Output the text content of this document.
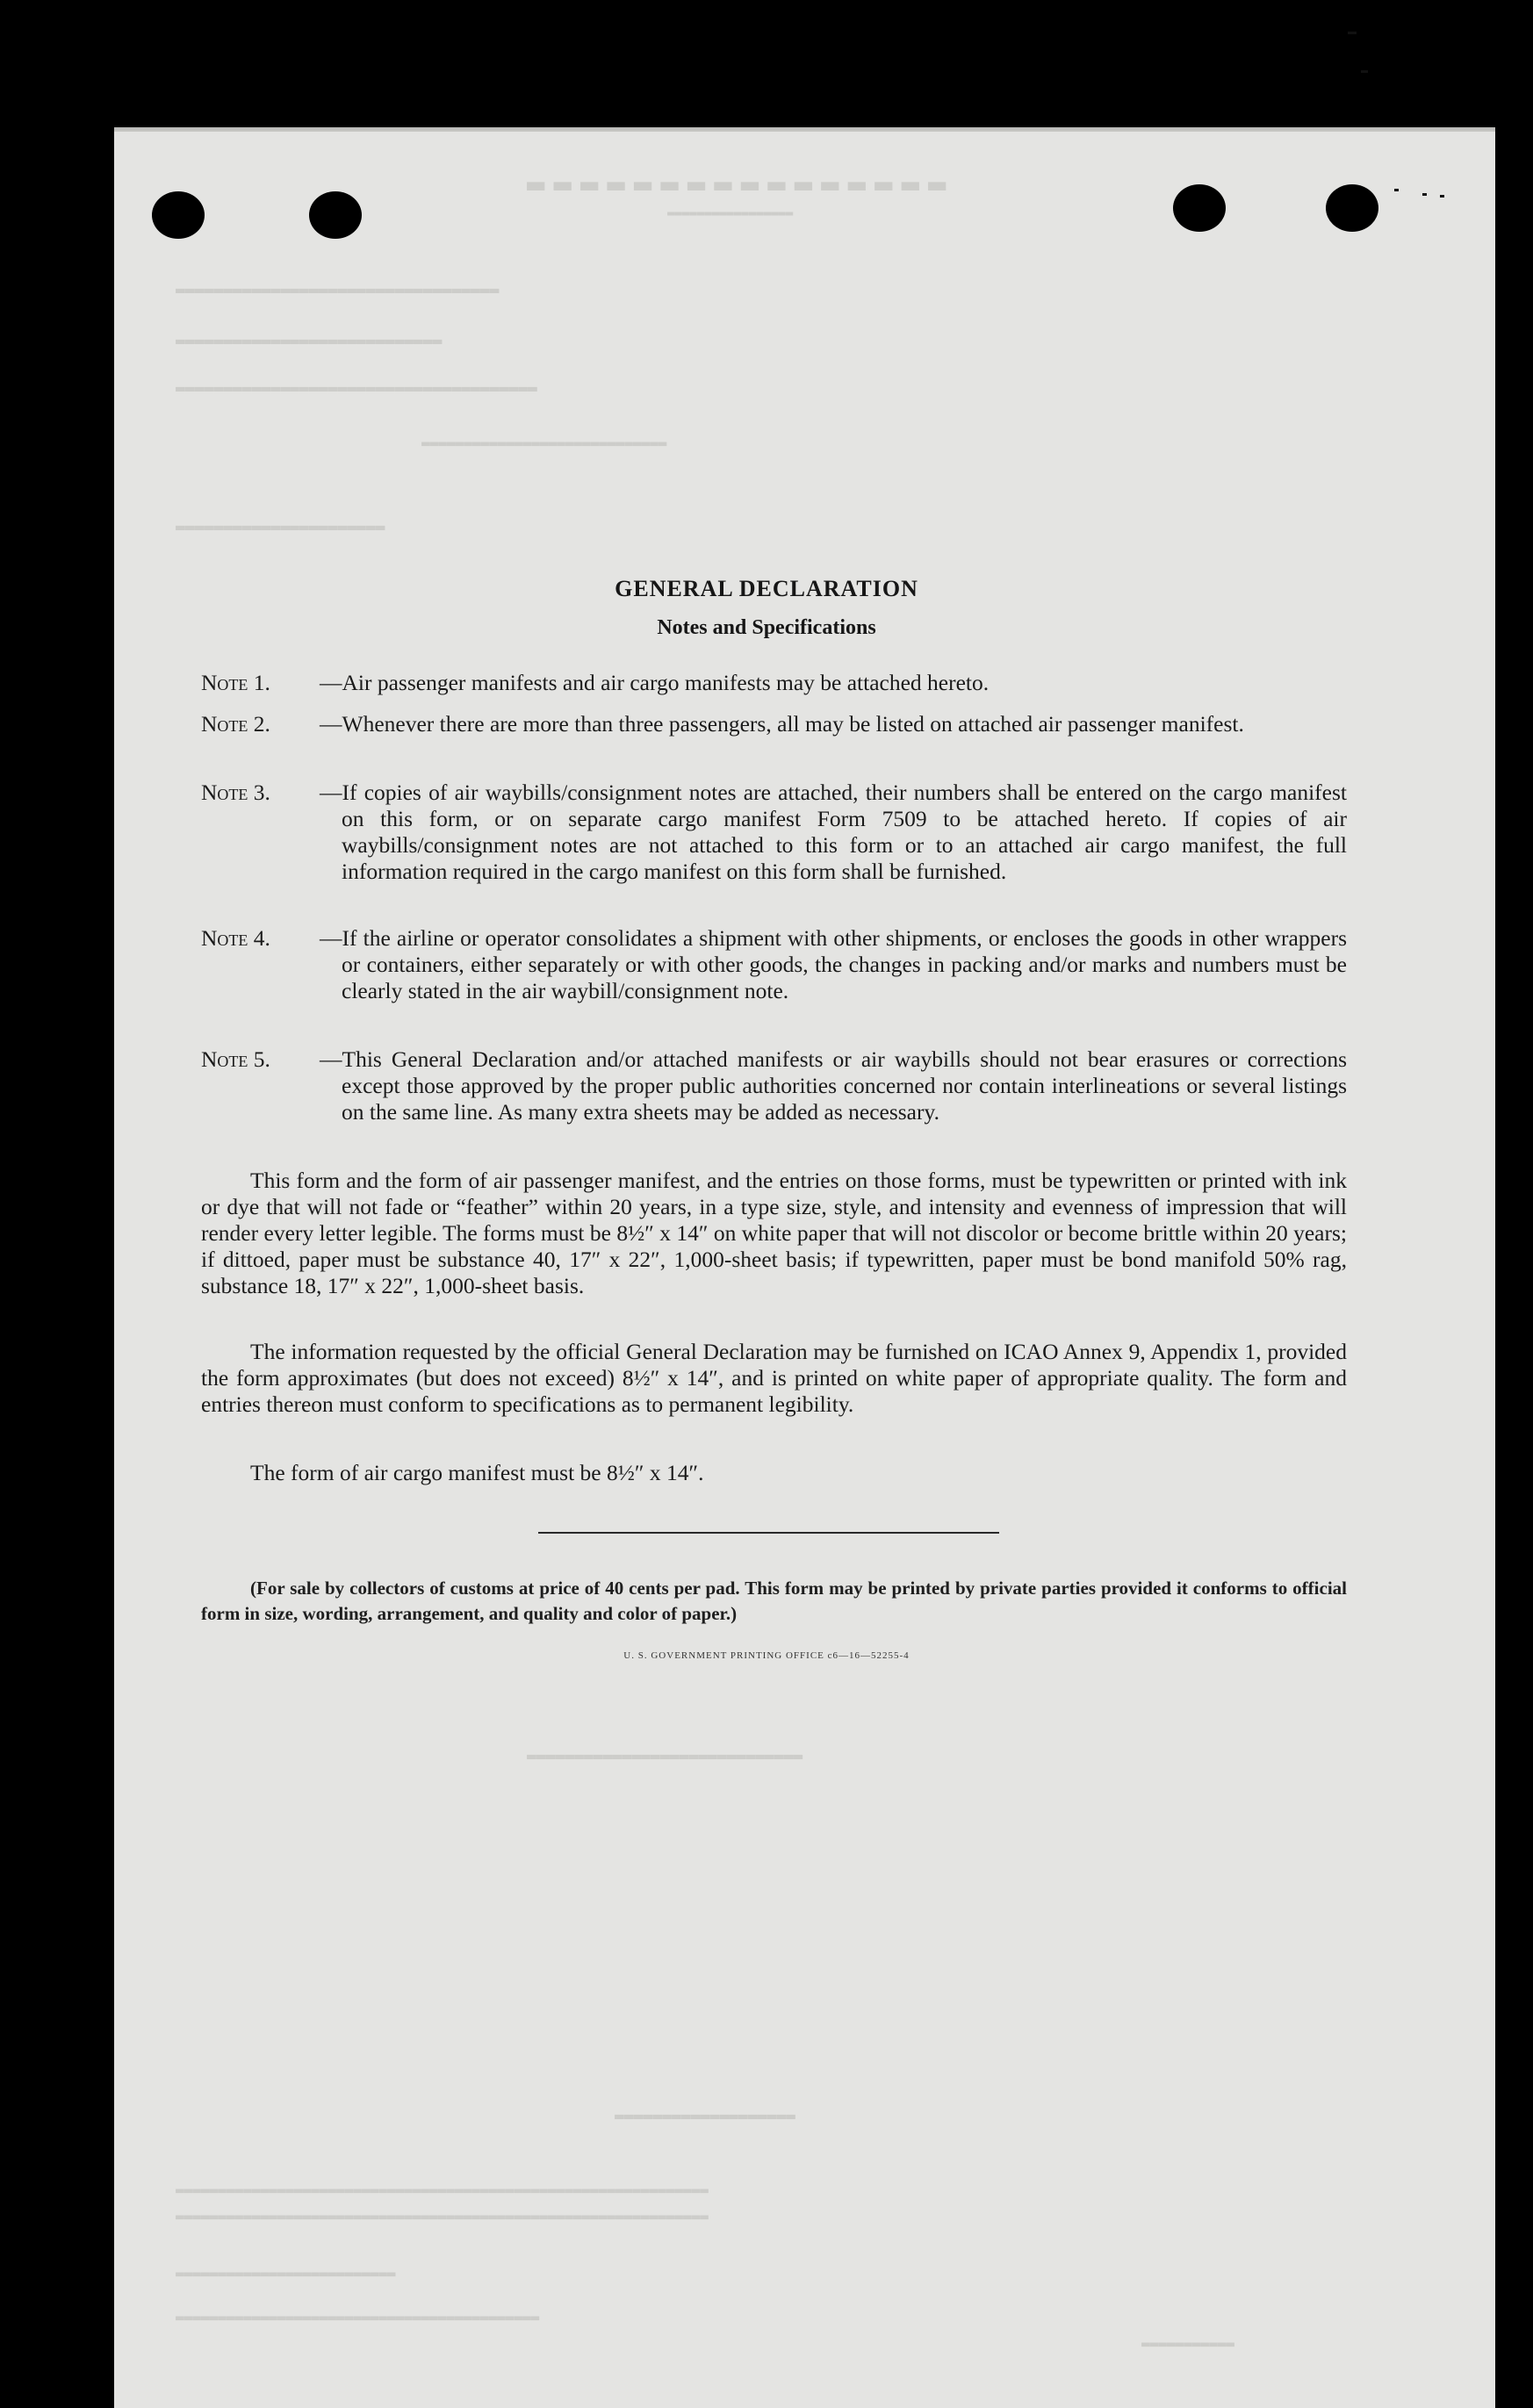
▬▬▬▬▬▬▬▬▬▬▬▬▬▬▬▬
▬▬▬▬▬▬▬▬▬▬▬▬▬▬▬▬▬
▬▬▬▬▬▬▬▬▬▬▬▬▬▬▬▬▬▬▬▬▬▬▬▬▬▬▬▬▬▬▬▬▬▬
▬▬▬▬▬▬▬▬▬▬▬▬▬▬▬▬▬▬▬▬▬▬▬▬▬▬▬▬
▬▬▬▬▬▬▬▬▬▬▬▬▬▬▬▬▬▬▬▬▬▬▬▬▬▬▬▬▬▬▬▬▬▬▬▬▬▬
▬▬▬▬▬▬▬▬▬▬▬▬▬▬▬▬▬▬▬▬▬▬▬▬▬▬▬▬▬
▬▬▬▬▬▬▬▬▬▬▬▬▬▬▬▬▬▬▬▬▬▬
▬▬▬▬▬▬▬▬▬▬▬▬▬▬▬▬▬▬▬▬▬▬▬▬▬▬▬▬▬
▬▬▬▬▬▬▬▬▬▬▬▬▬▬▬▬▬▬▬
▬▬▬▬▬▬▬▬▬▬▬▬▬▬▬▬▬▬▬▬▬▬▬▬▬▬▬▬▬▬▬▬▬▬▬▬▬▬▬▬▬▬▬▬▬▬▬▬▬▬▬▬▬▬▬▬▬▬▬▬▬▬▬
▬▬▬▬▬▬▬▬▬▬▬▬▬▬▬▬▬▬▬▬▬▬▬▬▬▬▬▬▬▬▬▬▬▬▬▬▬▬▬▬▬▬▬▬▬▬▬▬▬▬▬▬▬▬▬▬▬▬▬▬▬▬▬
▬▬▬▬▬▬▬▬▬▬▬▬▬▬▬▬▬▬▬▬▬▬▬▬▬▬
▬▬▬▬▬▬▬▬▬▬▬▬▬▬▬▬▬▬▬▬▬▬▬▬▬▬▬▬▬▬▬▬▬▬▬▬▬▬▬▬▬▬▬
▬▬▬▬▬▬▬▬▬▬▬
GENERAL DECLARATION
Notes and Specifications
Note 1.	—Air passenger manifests and air cargo manifests may be attached hereto.
Note 2.	—Whenever there are more than three passengers, all may be listed on attached air passenger manifest.
Note 3.	—If copies of air waybills/consignment notes are attached, their numbers shall be entered on the cargo manifest on this form, or on separate cargo manifest Form 7509 to be attached hereto. If copies of air waybills/consignment notes are not attached to this form or to an attached air cargo manifest, the full information required in the cargo manifest on this form shall be furnished.
Note 4.	—If the airline or operator consolidates a shipment with other shipments, or encloses the goods in other wrappers or containers, either separately or with other goods, the changes in packing and/or marks and numbers must be clearly stated in the air waybill/consignment note.
Note 5.	—This General Declaration and/or attached manifests or air waybills should not bear erasures or corrections except those approved by the proper public authorities concerned nor contain interlineations or several listings on the same line. As many extra sheets may be added as necessary.
This form and the form of air passenger manifest, and the entries on those forms, must be typewritten or printed with ink or dye that will not fade or “feather” within 20 years, in a type size, style, and intensity and evenness of impression that will render every letter legible. The forms must be 8½″ x 14″ on white paper that will not discolor or become brittle within 20 years; if dittoed, paper must be substance 40, 17″ x 22″, 1,000-sheet basis; if typewritten, paper must be bond manifold 50% rag, substance 18, 17″ x 22″, 1,000-sheet basis.
The information requested by the official General Declaration may be furnished on ICAO Annex 9, Appendix 1, provided the form approximates (but does not exceed) 8½″ x 14″, and is printed on white paper of appropriate quality. The form and entries thereon must conform to specifications as to permanent legibility.
The form of air cargo manifest must be 8½″ x 14″.
(For sale by collectors of customs at price of 40 cents per pad. This form may be printed by private parties provided it conforms to official form in size, wording, arrangement, and quality and color of paper.)
U. S. GOVERNMENT PRINTING OFFICE c6—16—52255-4
